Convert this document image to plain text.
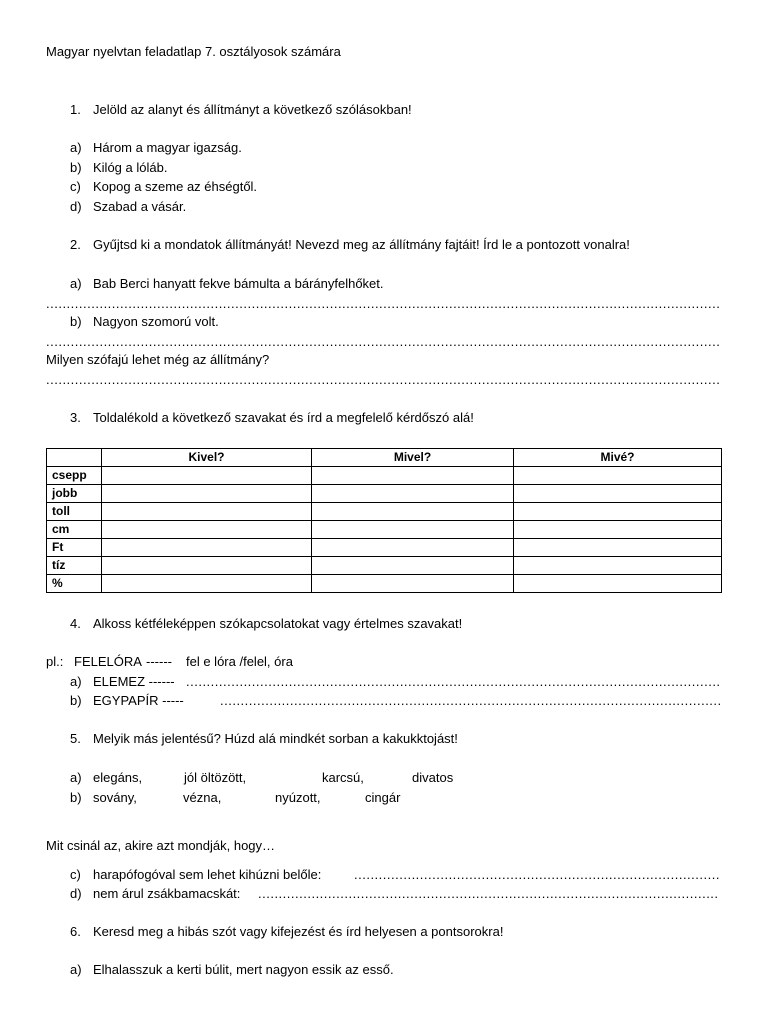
Magyar nyelvtan feladatlap 7. osztályosok számára
1. Jelöld az alanyt és állítmányt a következő szólásokban!
a) Három a magyar igazság.
b) Kilóg a lóláb.
c) Kopog a szeme az éhségtől.
d) Szabad a vásár.
2. Gyűjtsd ki a mondatok állítmányát! Nevezd meg az állítmány fajtáit! Írd le a pontozott vonalra!
a) Bab Berci hanyatt fekve bámulta a bárányfelhőket.
.....
b) Nagyon szomorú volt.
.....
Milyen szófajú lehet még az állítmány?
.....
3. Toldalékold a következő szavakat és írd a megfelelő kérdőszó alá!
	Kivel?	Mivel?	Mivé?
csepp			
jobb			
toll			
cm			
Ft			
tíz			
%			
4. Alkoss kétféleképpen szókapcsolatokat vagy értelmes szavakat!
pl.: FELELÓRA ------ fel e lóra /felel, óra
a) ELEMEZ ------
.....
b) EGYPAPÍR -----
.....
5. Melyik más jelentésű? Húzd alá mindkét sorban a kakukktojást!
a) elegáns,	jól öltözött,	karcsú,	divatos
b) sovány,	vézna,	nyúzott,	cingár
Mit csinál az, akire azt mondják, hogy…
c) harapófogóval sem lehet kihúzni belőle:
.....
d) nem árul zsákbamacskát:
.....
6. Keresd meg a hibás szót vagy kifejezést és írd helyesen a pontsorokra!
a) Elhalasszuk a kerti búlit, mert nagyon essik az esső.
